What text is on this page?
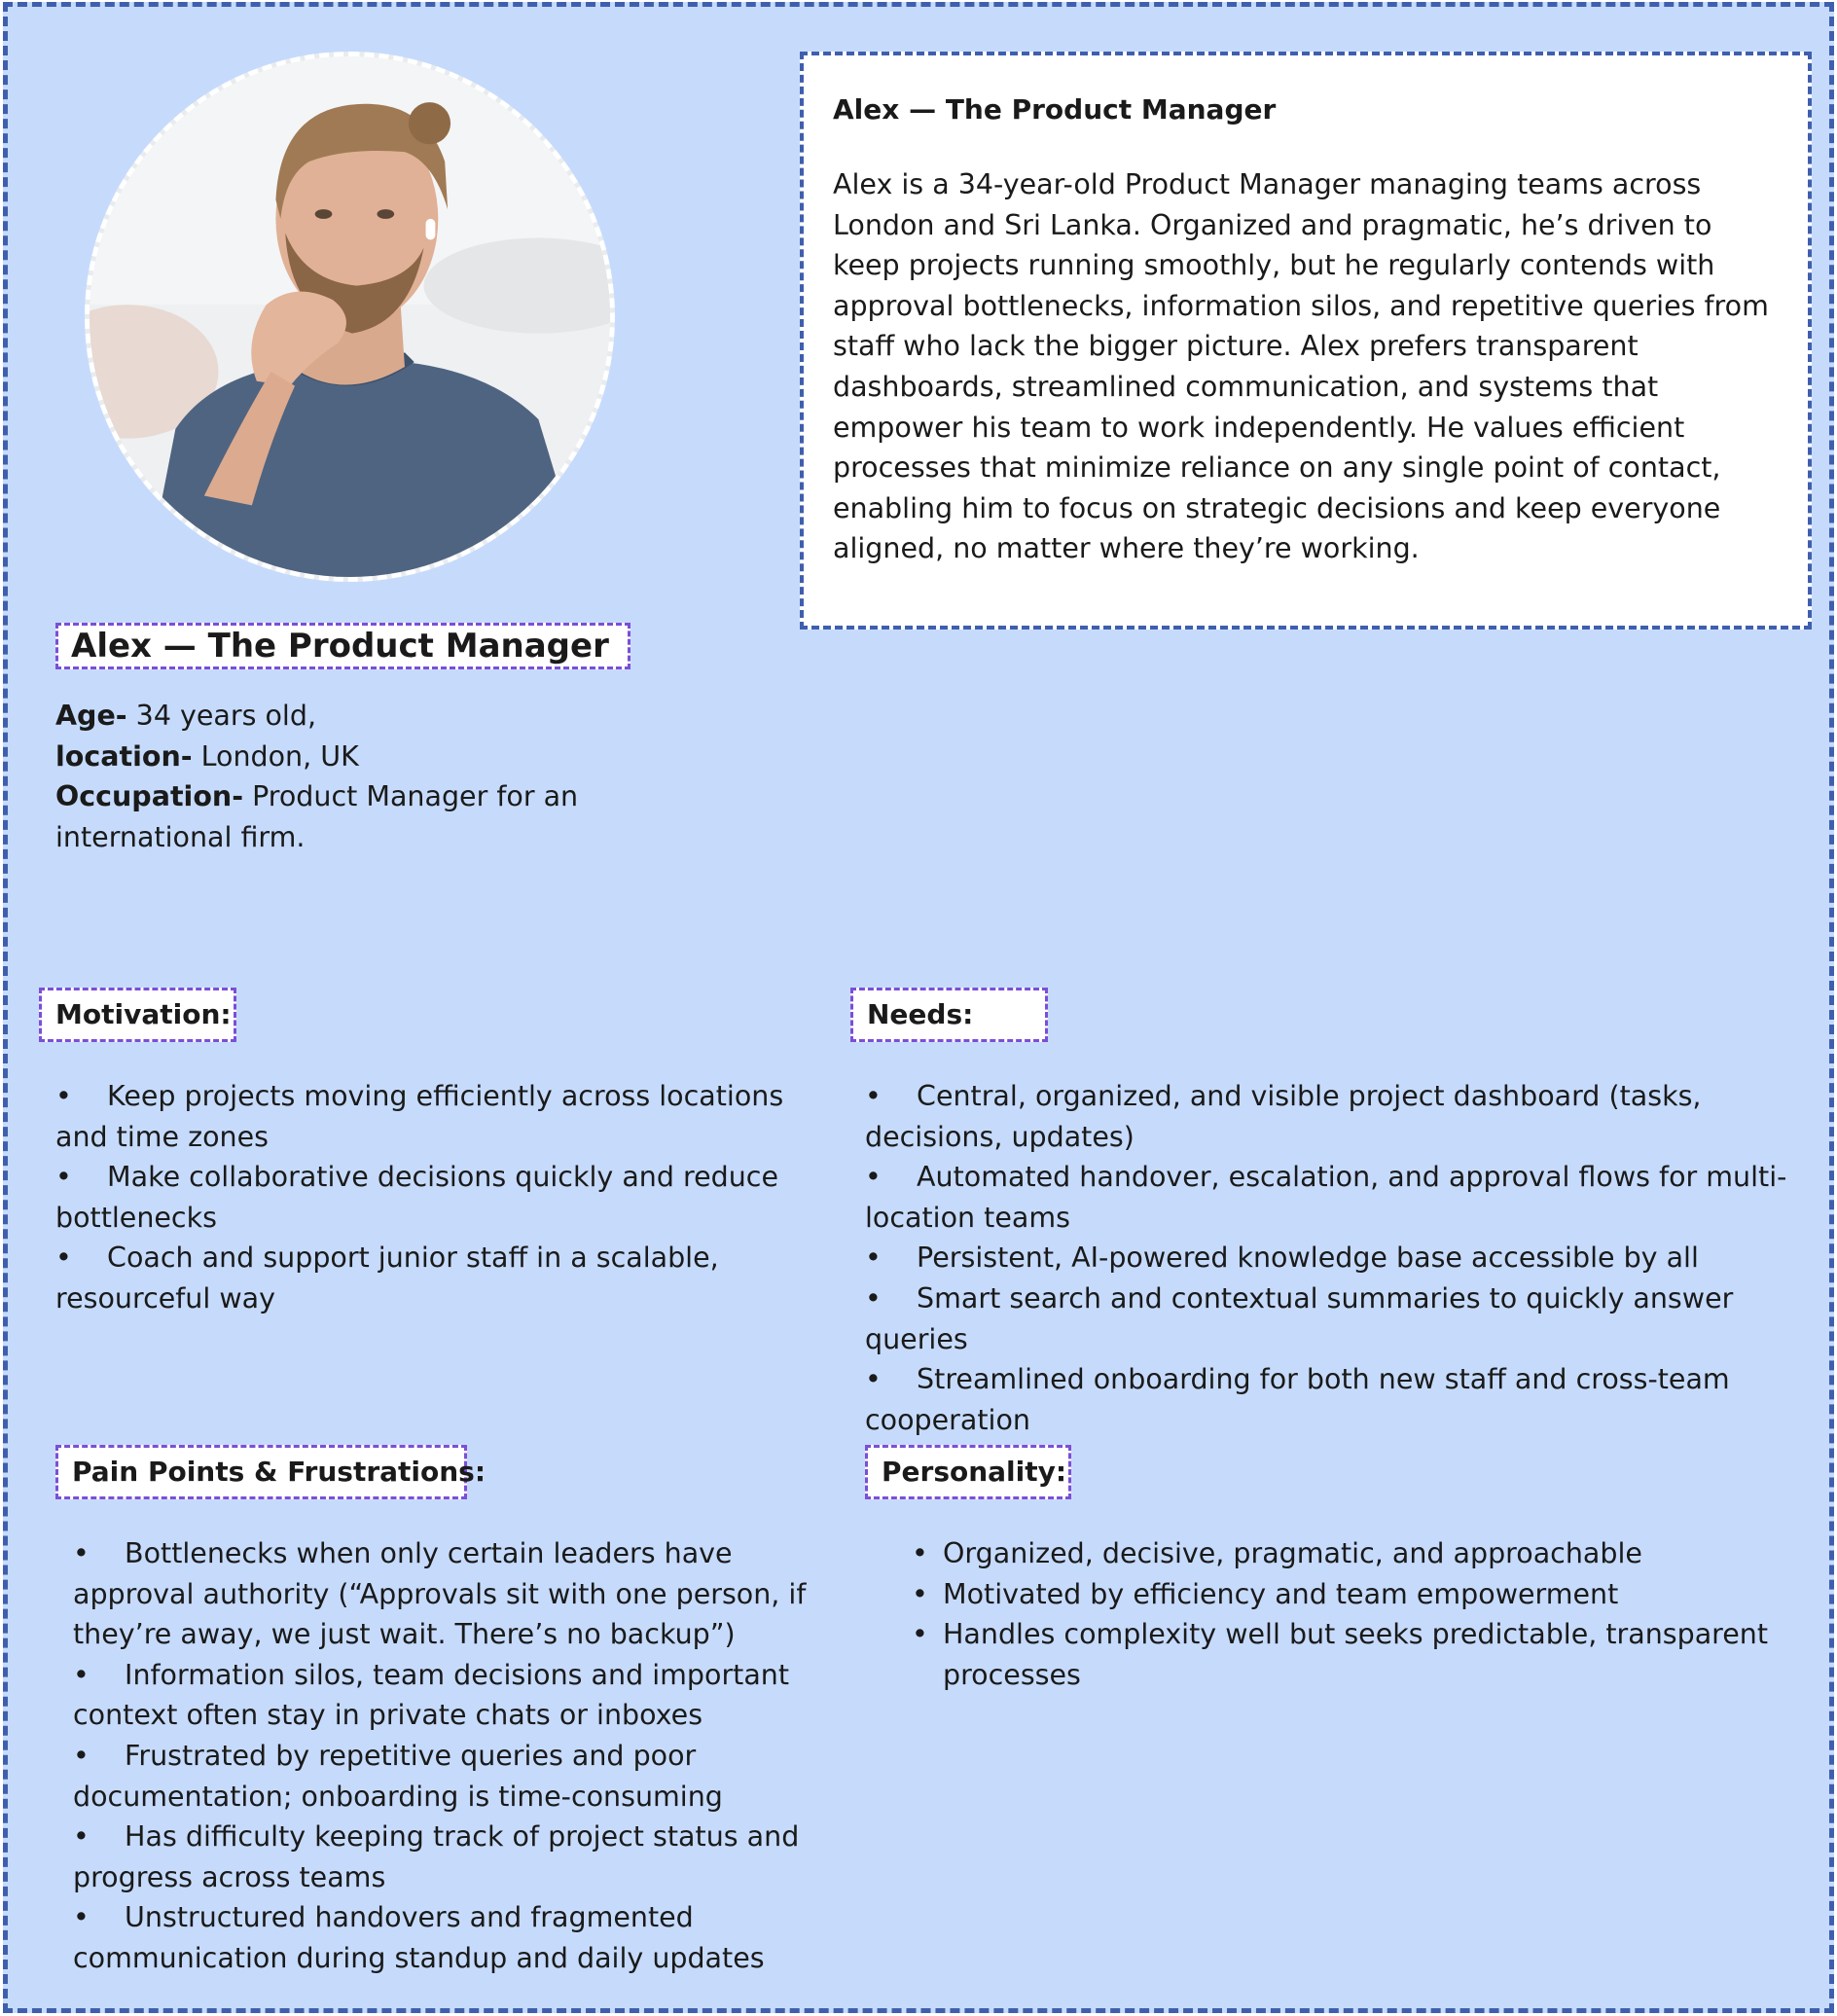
Alex — The Product Manager

Alex is a 34-year-old Product Manager managing teams across London and Sri Lanka. Organized and pragmatic, he’s driven to keep projects running smoothly, but he regularly contends with approval bottlenecks, information silos, and repetitive queries from staff who lack the bigger picture. Alex prefers transparent dashboards, streamlined communication, and systems that empower his team to work independently. He values efficient processes that minimize reliance on any single point of contact, enabling him to focus on strategic decisions and keep everyone aligned, no matter where they’re working.

Alex — The Product Manager
Age- 34 years old,
location- London, UK
Occupation- Product Manager for an international firm.
Motivation:
•    Keep projects moving efficiently across locations and time zones
•    Make collaborative decisions quickly and reduce bottlenecks
•    Coach and support junior staff in a scalable, resourceful way
Needs:
•    Central, organized, and visible project dashboard (tasks, decisions, updates)
•    Automated handover, escalation, and approval flows for multi-location teams
•    Persistent, AI-powered knowledge base accessible by all
•    Smart search and contextual summaries to quickly answer queries
•    Streamlined onboarding for both new staff and cross-team cooperation
Pain Points & Frustrations:
•    Bottlenecks when only certain leaders have approval authority (“Approvals sit with one person, if they’re away, we just wait. There’s no backup”)
•    Information silos, team decisions and important context often stay in private chats or inboxes
•    Frustrated by repetitive queries and poor documentation; onboarding is time-consuming
•    Has difficulty keeping track of project status and progress across teams
•    Unstructured handovers and fragmented communication during standup and daily updates
Personality:
• Organized, decisive, pragmatic, and approachable
• Motivated by efficiency and team empowerment
• Handles complexity well but seeks predictable, transparent processes
